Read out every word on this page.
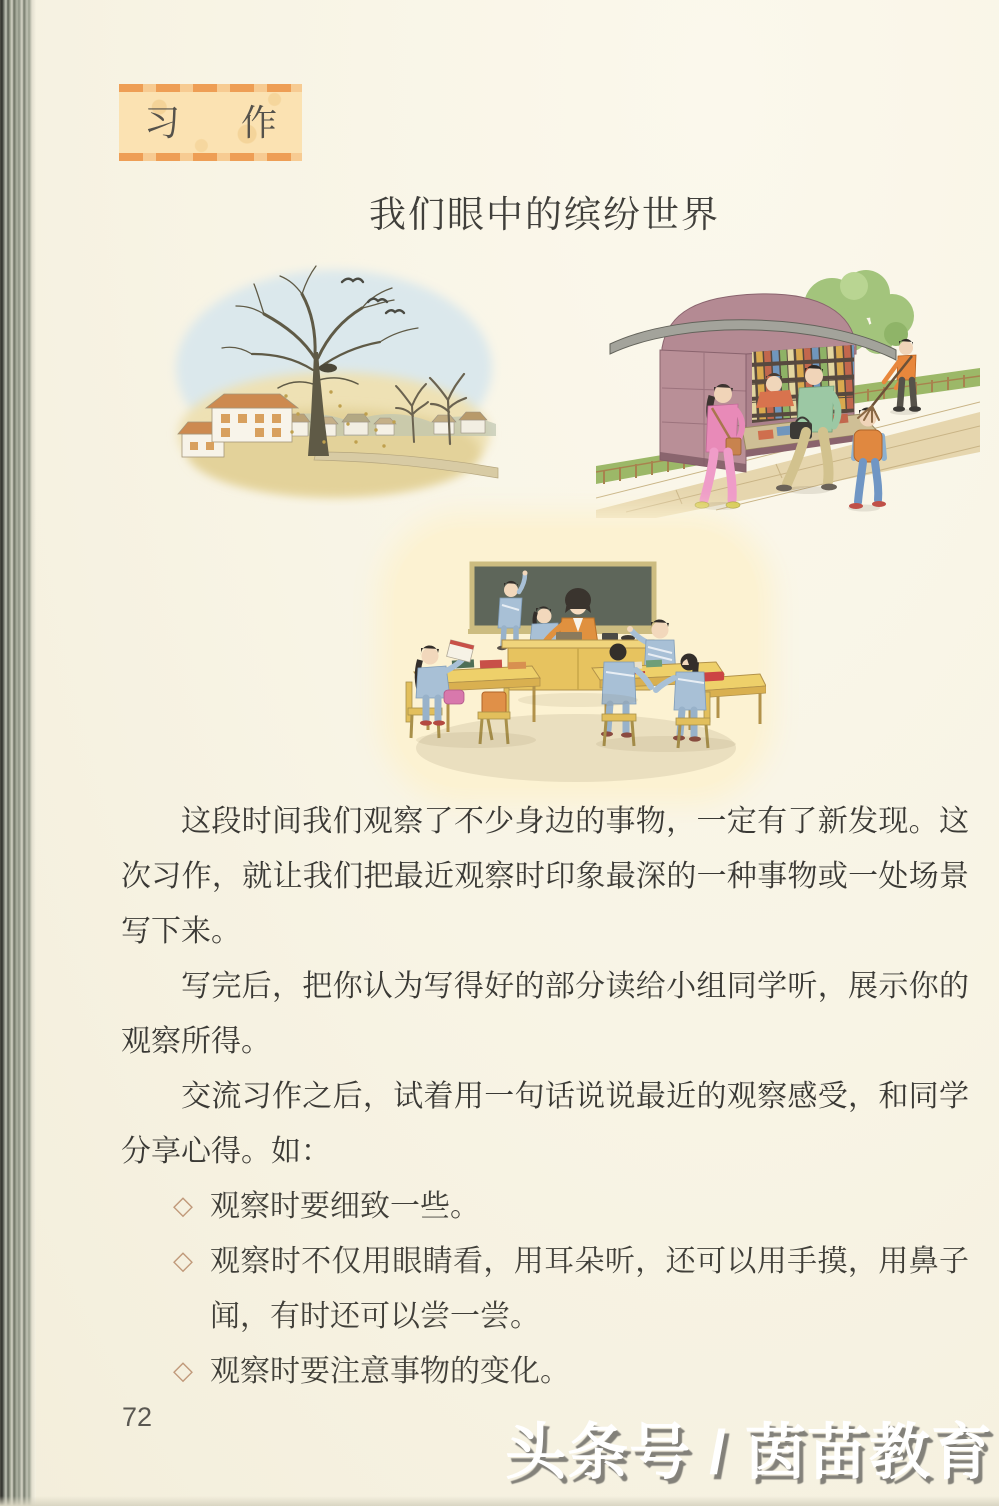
习 作
我们眼中的缤纷世界

这段时间我们观察了不少身边的事物，一定有了新发现。这次习作，就让我们把最近观察时印象最深的一种事物或一处场景写下来。

写完后，把你认为写得好的部分读给小组同学听，展示你的观察所得。

交流习作之后，试着用一句话说说最近的观察感受，和同学分享心得。如：

◇ 观察时要细致一些。
◇ 观察时不仅用眼睛看，用耳朵听，还可以用手摸，用鼻子闻，有时还可以尝一尝。
◇ 观察时要注意事物的变化。
72
头条号 / 茵苗教育
